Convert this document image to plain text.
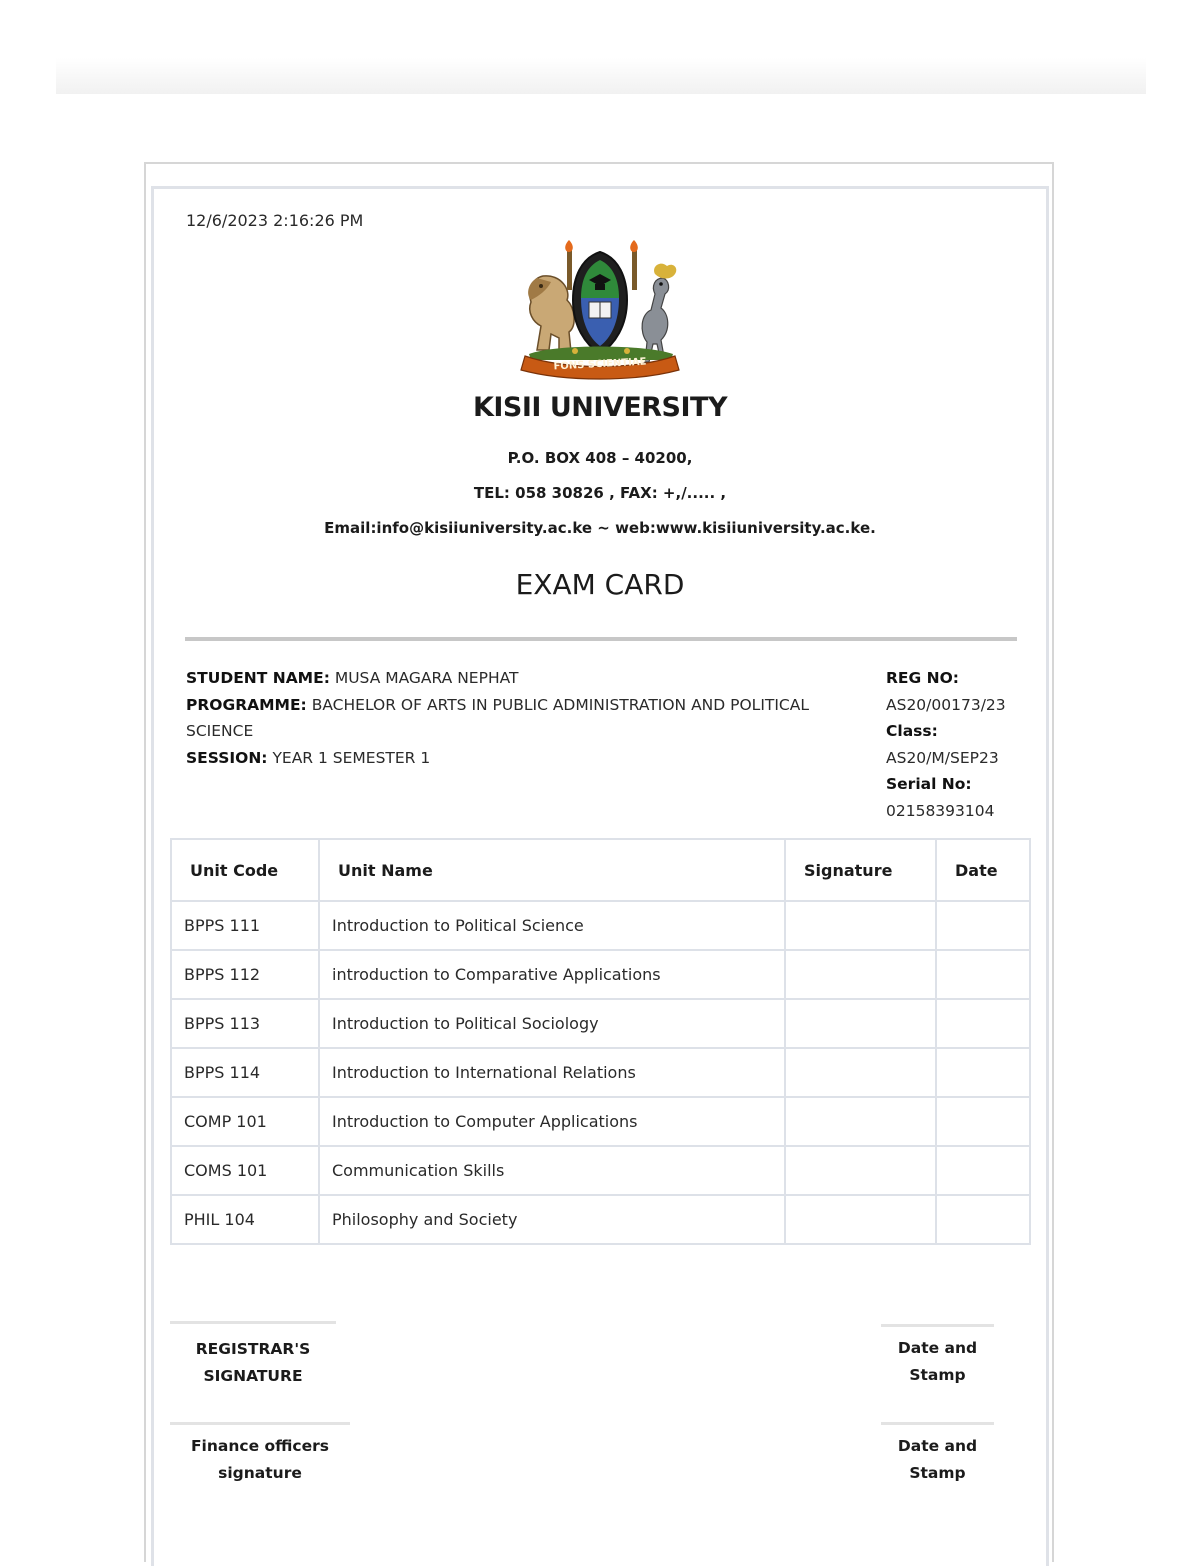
12/6/2023 2:16:26 PM
FONS SCIENTIAE
KISII UNIVERSITY
P.O. BOX 408 – 40200,
TEL: 058 30826 , FAX: +,/..... ,
Email:info@kisiiuniversity.ac.ke ~ web:www.kisiiuniversity.ac.ke.
EXAM CARD
STUDENT NAME: MUSA MAGARA NEPHAT
PROGRAMME: BACHELOR OF ARTS IN PUBLIC ADMINISTRATION AND POLITICAL SCIENCE
SESSION: YEAR 1 SEMESTER 1
REG NO:
AS20/00173/23
Class:
AS20/M/SEP23
Serial No:
02158393104
Unit Code	Unit Name	Signature	Date
BPPS 111	Introduction to Political Science		
BPPS 112	introduction to Comparative Applications		
BPPS 113	Introduction to Political Sociology		
BPPS 114	Introduction to International Relations		
COMP 101	Introduction to Computer Applications		
COMS 101	Communication Skills		
PHIL 104	Philosophy and Society		
REGISTRAR'S
SIGNATURE
Date and
Stamp
Finance officers
signature
Date and
Stamp
